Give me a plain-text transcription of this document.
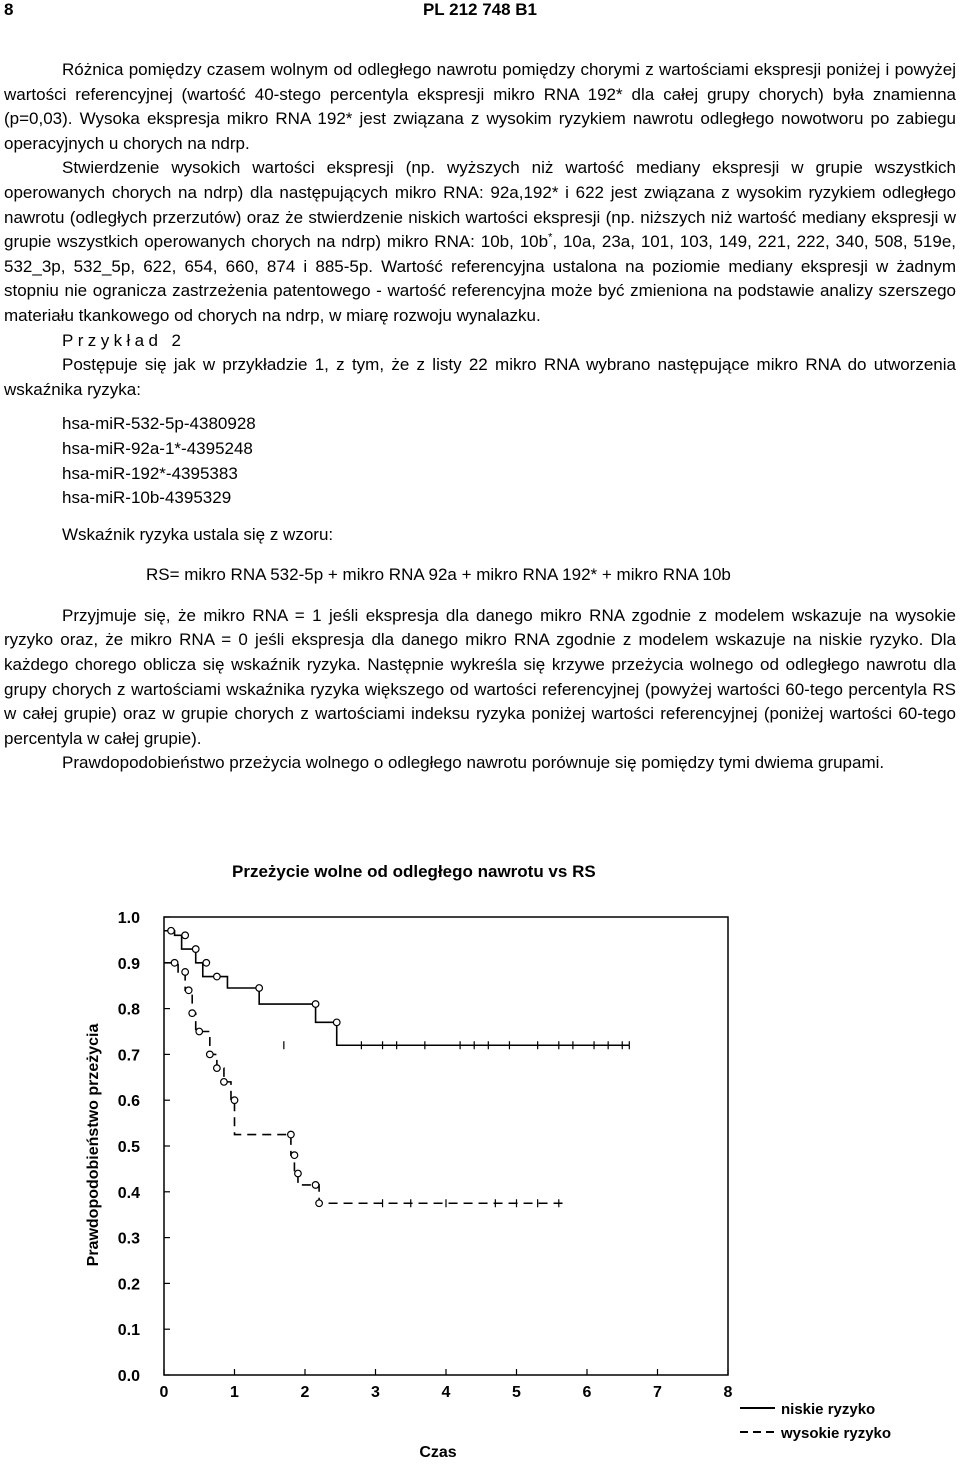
8	PL 212 748 B1

Różnica pomiędzy czasem wolnym od odległego nawrotu pomiędzy chorymi z wartościami ekspresji poniżej i powyżej wartości referencyjnej (wartość 40-stego percentyla ekspresji mikro RNA 192* dla całej grupy chorych) była znamienna (p=0,03). Wysoka ekspresja mikro RNA 192* jest związana z wysokim ryzykiem nawrotu odległego nowotworu po zabiegu operacyjnych u chorych na ndrp.

Stwierdzenie wysokich wartości ekspresji (np. wyższych niż wartość mediany ekspresji w grupie wszystkich operowanych chorych na ndrp) dla następujących mikro RNA: 92a,192* i 622 jest związana z wysokim ryzykiem odległego nawrotu (odległych przerzutów) oraz że stwierdzenie niskich wartości ekspresji (np. niższych niż wartość mediany ekspresji w grupie wszystkich operowanych chorych na ndrp) mikro RNA: 10b, 10b*, 10a, 23a, 101, 103, 149, 221, 222, 340, 508, 519e, 532_3p, 532_5p, 622, 654, 660, 874 i 885-5p. Wartość referencyjna ustalona na poziomie mediany ekspresji w żadnym stopniu nie ogranicza zastrzeżenia patentowego - wartość referencyjna może być zmieniona na podstawie analizy szerszego materiału tkankowego od chorych na ndrp, w miarę rozwoju wynalazku.

Przykład 2

Postępuje się jak w przykładzie 1, z tym, że z listy 22 mikro RNA wybrano następujące mikro RNA do utworzenia wskaźnika ryzyka:

hsa-miR-532-5p-4380928
hsa-miR-92a-1*-4395248
hsa-miR-192*-4395383
hsa-miR-10b-4395329
Wskaźnik ryzyka ustala się z wzoru:
RS= mikro RNA 532-5p + mikro RNA 92a + mikro RNA 192* + mikro RNA 10b

Przyjmuje się, że mikro RNA = 1 jeśli ekspresja dla danego mikro RNA zgodnie z modelem wskazuje na wysokie ryzyko oraz, że mikro RNA = 0 jeśli ekspresja dla danego mikro RNA zgodnie z modelem wskazuje na niskie ryzyko. Dla każdego chorego oblicza się wskaźnik ryzyka. Następnie wykreśla się krzywe przeżycia wolnego od odległego nawrotu dla grupy chorych z wartościami wskaźnika ryzyka większego od wartości referencyjnej (powyżej wartości 60-tego percentyla RS w całej grupie) oraz w grupie chorych z wartościami indeksu ryzyka poniżej wartości referencyjnej (poniżej wartości 60-tego percentyla w całej grupie).

Prawdopodobieństwo przeżycia wolnego o odległego nawrotu porównuje się pomiędzy tymi dwiema grupami.

Przeżycie wolne od odległego nawrotu vs RS
Prawdopodobieństwo przeżycia
Czas
0	1	2	3	4	5	6	7	8
0.0
0.1
0.2
0.3
0.4
0.5
0.6
0.7
0.8
0.9
1.0
niskie ryzyko
wysokie ryzyko
